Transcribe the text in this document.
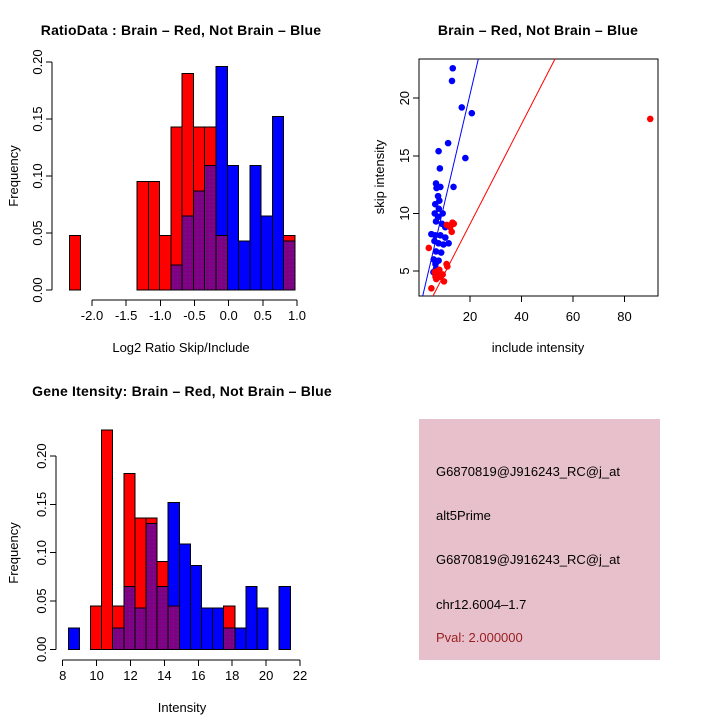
-2.0 -1.5 -1.0 -0.5 0.0 0.5 1.0
0.00
0.05
0.10
0.15
0.20
RatioData : Brain – Red, Not Brain – Blue
Frequency
Log2 Ratio Skip/Include
20	40	60	80
5
10
15
20
Brain – Red, Not Brain – Blue
skip intensity
include intensity
8 10 12 14 16 18 20 22
0.00
0.05
0.10
0.15
0.20
Gene Itensity: Brain – Red, Not Brain – Blue
Frequency
Intensity
G6870819@J916243_RC@j_at
alt5Prime
G6870819@J916243_RC@j_at
chr12.6004–1.7
Pval: 2.000000
